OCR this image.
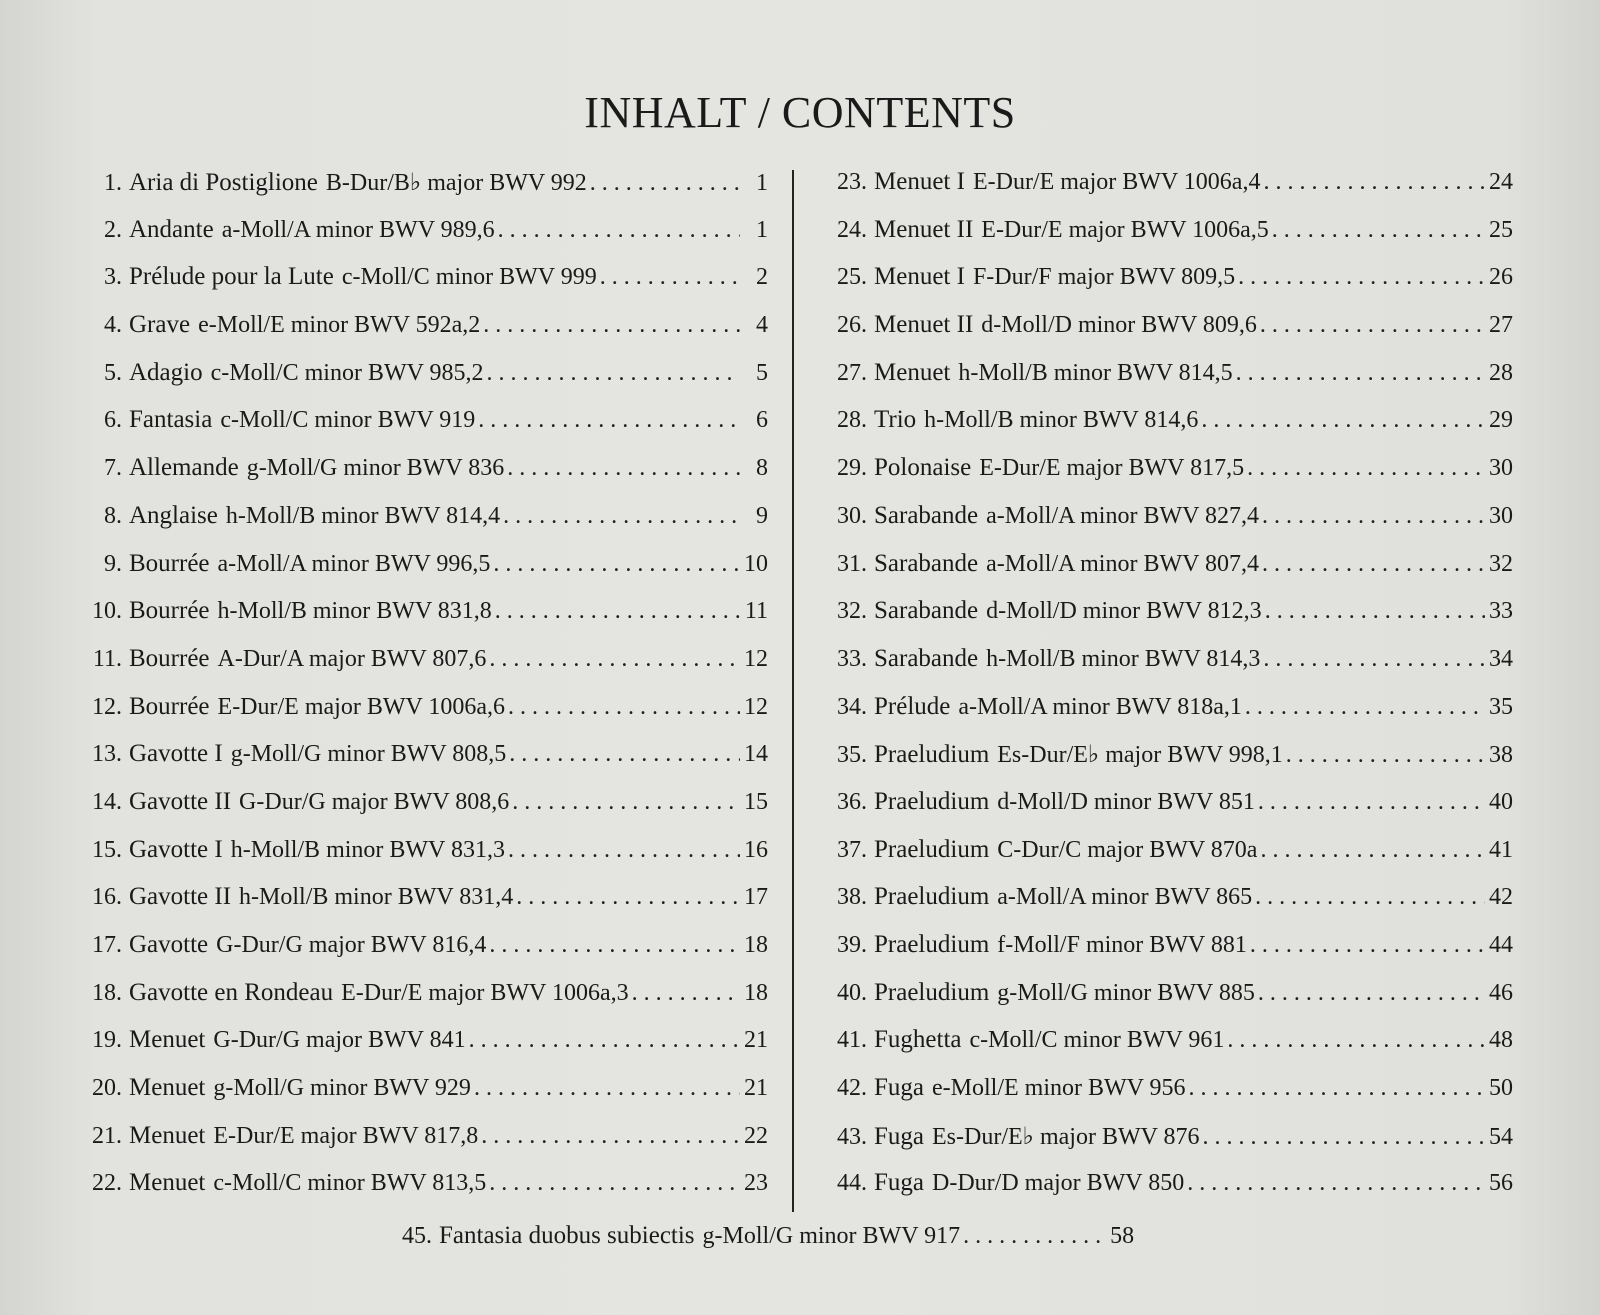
INHALT / CONTENTS
1. Aria di Postiglione B-Dur/B♭ major BWV 992 . . .	1
2. Andante a-Moll/A minor BWV 989,6 . . .	1
3. Prélude pour la Lute c-Moll/C minor BWV 999 . . .	2
4. Grave e-Moll/E minor BWV 592a,2 . . .	4
5. Adagio c-Moll/C minor BWV 985,2 . . .	5
6. Fantasia c-Moll/C minor BWV 919 . . .	6
7. Allemande g-Moll/G minor BWV 836 . . .	8
8. Anglaise h-Moll/B minor BWV 814,4 . . .	9
9. Bourrée a-Moll/A minor BWV 996,5 . . .	10
10. Bourrée h-Moll/B minor BWV 831,8 . . .	11
11. Bourrée A-Dur/A major BWV 807,6 . . .	12
12. Bourrée E-Dur/E major BWV 1006a,6 . . .	12
13. Gavotte I g-Moll/G minor BWV 808,5 . . .	14
14. Gavotte II G-Dur/G major BWV 808,6 . . .	15
15. Gavotte I h-Moll/B minor BWV 831,3 . . .	16
16. Gavotte II h-Moll/B minor BWV 831,4 . . .	17
17. Gavotte G-Dur/G major BWV 816,4 . . .	18
18. Gavotte en Rondeau E-Dur/E major BWV 1006a,3 . . .	18
19. Menuet G-Dur/G major BWV 841 . . .	21
20. Menuet g-Moll/G minor BWV 929 . . .	21
21. Menuet E-Dur/E major BWV 817,8 . . .	22
22. Menuet c-Moll/C minor BWV 813,5 . . .	23
23. Menuet I E-Dur/E major BWV 1006a,4 . . .	24
24. Menuet II E-Dur/E major BWV 1006a,5 . . .	25
25. Menuet I F-Dur/F major BWV 809,5 . . .	26
26. Menuet II d-Moll/D minor BWV 809,6 . . .	27
27. Menuet h-Moll/B minor BWV 814,5 . . .	28
28. Trio h-Moll/B minor BWV 814,6 . . .	29
29. Polonaise E-Dur/E major BWV 817,5 . . .	30
30. Sarabande a-Moll/A minor BWV 827,4 . . .	30
31. Sarabande a-Moll/A minor BWV 807,4 . . .	32
32. Sarabande d-Moll/D minor BWV 812,3 . . .	33
33. Sarabande h-Moll/B minor BWV 814,3 . . .	34
34. Prélude a-Moll/A minor BWV 818a,1 . . .	35
35. Praeludium Es-Dur/E♭ major BWV 998,1 . . .	38
36. Praeludium d-Moll/D minor BWV 851 . . .	40
37. Praeludium C-Dur/C major BWV 870a . . .	41
38. Praeludium a-Moll/A minor BWV 865 . . .	42
39. Praeludium f-Moll/F minor BWV 881 . . .	44
40. Praeludium g-Moll/G minor BWV 885 . . .	46
41. Fughetta c-Moll/C minor BWV 961 . . .	48
42. Fuga e-Moll/E minor BWV 956 . . .	50
43. Fuga Es-Dur/E♭ major BWV 876 . . .	54
44. Fuga D-Dur/D major BWV 850 . . .	56
45. Fantasia duobus subiectis g-Moll/G minor BWV 917 . . .	58
